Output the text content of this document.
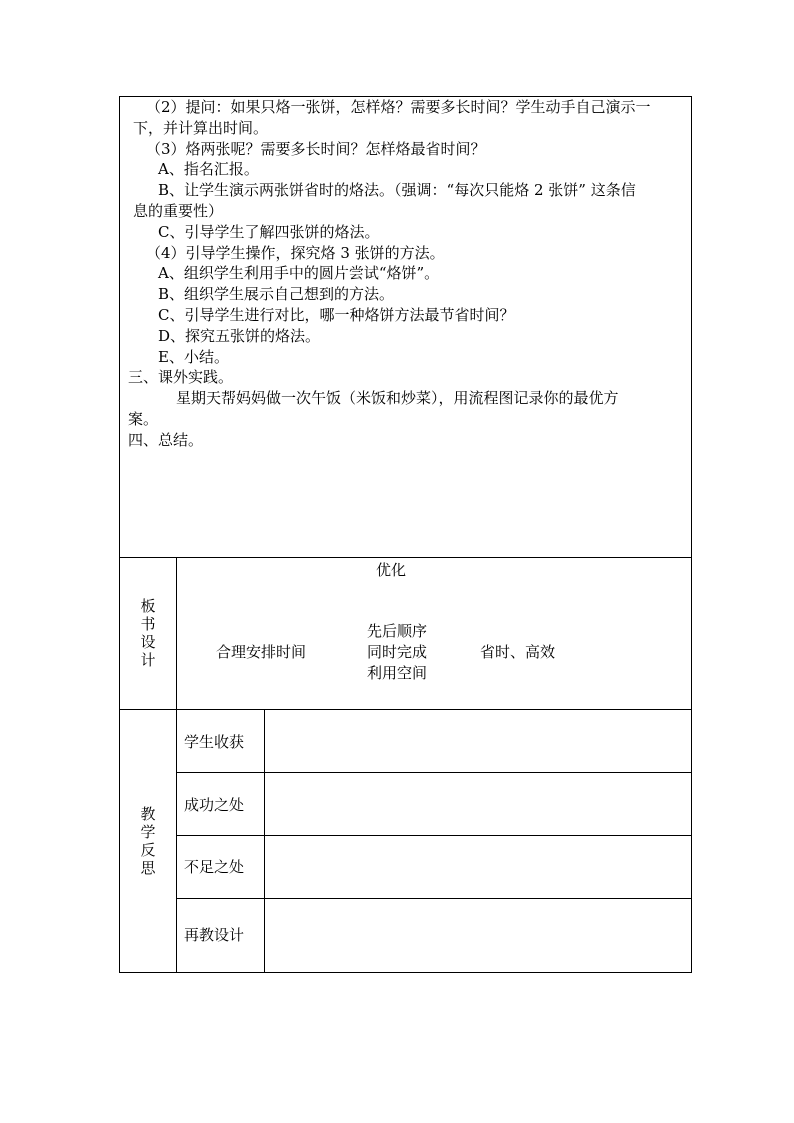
（2）提问：如果只烙一张饼，怎样烙？需要多长时间？学生动手自己演示一
下，并计算出时间。
（3）烙两张呢？需要多长时间？怎样烙最省时间？
A、指名汇报。
B、让学生演示两张饼省时的烙法。（强调：“每次只能烙 2 张饼” 这条信
息的重要性）
C、引导学生了解四张饼的烙法。
（4）引导学生操作，探究烙 3 张饼的方法。
A、组织学生利用手中的圆片尝试“烙饼”。
B、组织学生展示自己想到的方法。
C、引导学生进行对比，哪一种烙饼方法最节省时间？
D、探究五张饼的烙法。
E、小结。
三、课外实践。
星期天帮妈妈做一次午饭（米饭和炒菜），用流程图记录你的最优方
案。
四、总结。
板书设计
优化
合理安排时间
先后顺序
同时完成
利用空间
省时、高效
教学反思
学生收获
成功之处
不足之处
再教设计
